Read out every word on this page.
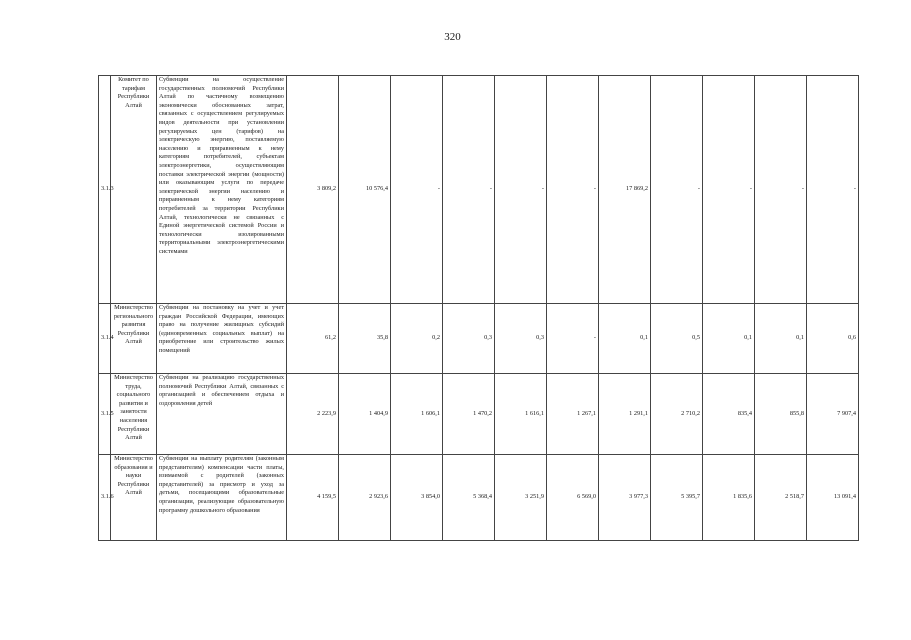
320
3.1.3	Комитет по тарифам Республики Алтай	Субвенции на осуществление государственных полномочий Республики Алтай по частичному возмещению экономически обоснованных затрат, связанных с осуществлением регулируемых видов деятельности при установлении регулируемых цен (тарифов) на электрическую энергию, поставляемую населению и приравненным к нему категориям потребителей, субъектам электроэнергетики, осуществляющим поставки электрической энергии (мощности) или оказывающим услуги по передаче электрической энергии населению и приравненным к нему категориям потребителей за территории Республики Алтай, технологически не связанных с Единой энергетической системой России и технологически изолированными территориальными электроэнергетическими системами	3 809,2	10 576,4	-	-	-	-	17 869,2	-	-	-	-
3.1.4	Министерство регионального развития Республики Алтай	Субвенции на постановку на учет и учет граждан Российской Федерации, имеющих право на получение жилищных субсидий (единовременных социальных выплат) на приобретение или строительство жилых помещений	61,2	35,8	0,2	0,3	0,3	-	0,1	0,5	0,1	0,1	0,6
3.1.5	Министерство труда, социального развития и занятости населения Республики Алтай	Субвенции на реализацию государственных полномочий Республики Алтай, связанных с организацией и обеспечением отдыха и оздоровления детей	2 223,9	1 404,9	1 606,1	1 470,2	1 616,1	1 267,1	1 291,1	2 710,2	835,4	855,8	7 907,4
3.1.6	Министерство образования и науки Республики Алтай	Субвенции на выплату родителям (законным представителям) компенсации части платы, взимаемой с родителей (законных представителей) за присмотр и уход за детьми, посещающими образовательные организации, реализующие образовательную программу дошкольного образования	4 159,5	2 923,6	3 854,0	5 368,4	3 251,9	6 569,0	3 977,3	5 395,7	1 835,6	2 518,7	13 091,4
